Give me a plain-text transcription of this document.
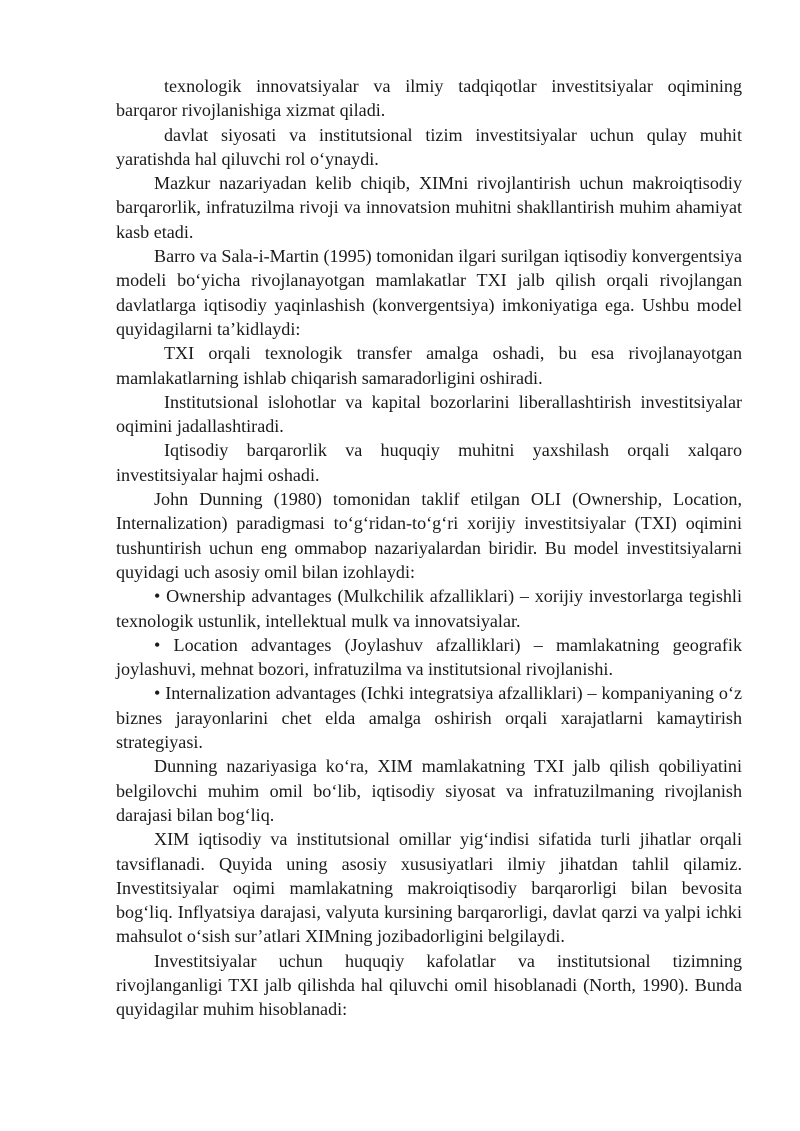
texnologik innovatsiyalar va ilmiy tadqiqotlar investitsiyalar oqimining barqaror rivojlanishiga xizmat qiladi.

davlat siyosati va institutsional tizim investitsiyalar uchun qulay muhit yaratishda hal qiluvchi rol o‘ynaydi.

Mazkur nazariyadan kelib chiqib, XIMni rivojlantirish uchun makroiqtisodiy barqarorlik, infratuzilma rivoji va innovatsion muhitni shakllantirish muhim ahamiyat kasb etadi.

Barro va Sala-i-Martin (1995) tomonidan ilgari surilgan iqtisodiy konvergentsiya modeli bo‘yicha rivojlanayotgan mamlakatlar TXI jalb qilish orqali rivojlangan davlatlarga iqtisodiy yaqinlashish (konvergentsiya) imkoniyatiga ega. Ushbu model quyidagilarni ta’kidlaydi:

TXI orqali texnologik transfer amalga oshadi, bu esa rivojlanayotgan mamlakatlarning ishlab chiqarish samaradorligini oshiradi.

Institutsional islohotlar va kapital bozorlarini liberallashtirish investitsiyalar oqimini jadallashtiradi.

Iqtisodiy barqarorlik va huquqiy muhitni yaxshilash orqali xalqaro investitsiyalar hajmi oshadi.

John Dunning (1980) tomonidan taklif etilgan OLI (Ownership, Location, Internalization) paradigmasi to‘g‘ridan-to‘g‘ri xorijiy investitsiyalar (TXI) oqimini tushuntirish uchun eng ommabop nazariyalardan biridir. Bu model investitsiyalarni quyidagi uch asosiy omil bilan izohlaydi:

• Ownership advantages (Mulkchilik afzalliklari) – xorijiy investorlarga tegishli texnologik ustunlik, intellektual mulk va innovatsiyalar.

• Location advantages (Joylashuv afzalliklari) – mamlakatning geografik joylashuvi, mehnat bozori, infratuzilma va institutsional rivojlanishi.

• Internalization advantages (Ichki integratsiya afzalliklari) – kompaniyaning o‘z biznes jarayonlarini chet elda amalga oshirish orqali xarajatlarni kamaytirish strategiyasi.

Dunning nazariyasiga ko‘ra, XIM mamlakatning TXI jalb qilish qobiliyatini belgilovchi muhim omil bo‘lib, iqtisodiy siyosat va infratuzilmaning rivojlanish darajasi bilan bog‘liq.

XIM iqtisodiy va institutsional omillar yig‘indisi sifatida turli jihatlar orqali tavsiflanadi. Quyida uning asosiy xususiyatlari ilmiy jihatdan tahlil qilamiz. Investitsiyalar oqimi mamlakatning makroiqtisodiy barqarorligi bilan bevosita bog‘liq. Inflyatsiya darajasi, valyuta kursining barqarorligi, davlat qarzi va yalpi ichki mahsulot o‘sish sur’atlari XIMning jozibadorligini belgilaydi.

Investitsiyalar uchun huquqiy kafolatlar va institutsional tizimning rivojlanganligi TXI jalb qilishda hal qiluvchi omil hisoblanadi (North, 1990). Bunda quyidagilar muhim hisoblanadi:
